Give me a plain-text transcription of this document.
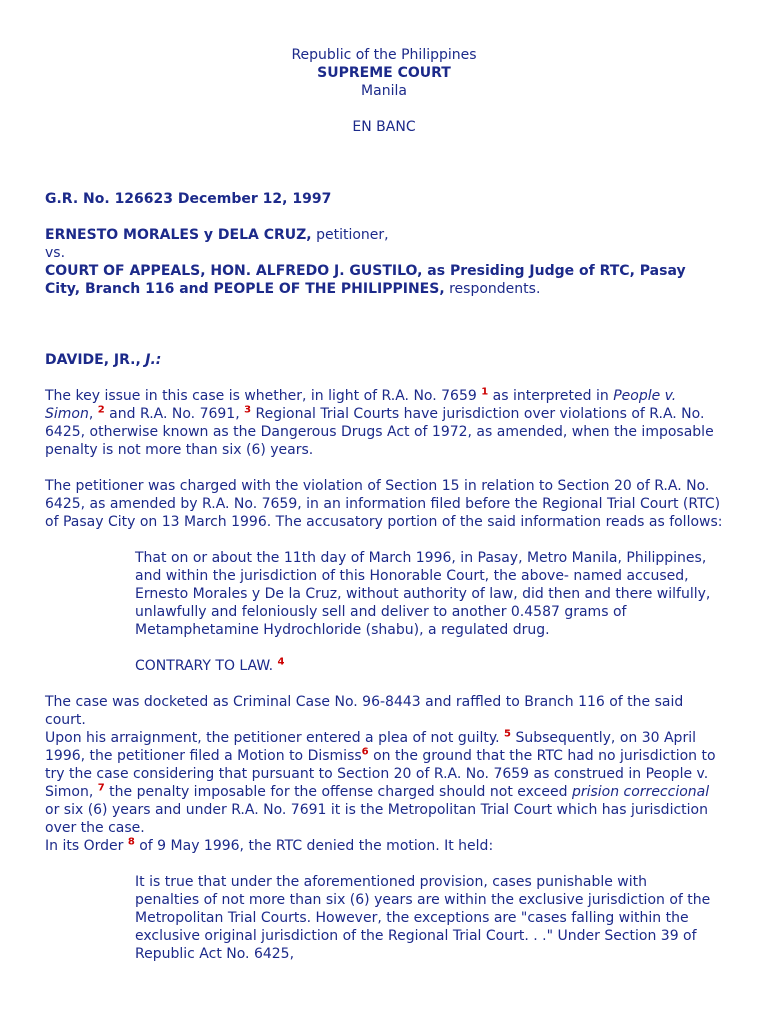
Republic of the Philippines
SUPREME COURT
Manila
EN BANC

G.R. No. 126623 December 12, 1997

ERNESTO MORALES y DELA CRUZ, petitioner,
vs.
COURT OF APPEALS, HON. ALFREDO J. GUSTILO, as Presiding Judge of RTC, Pasay City, Branch 116 and PEOPLE OF THE PHILIPPINES, respondents.

DAVIDE, JR., J.:

The key issue in this case is whether, in light of R.A. No. 7659 $^1$ as interpreted in People v. Simon, $^2$ and R.A. No. 7691, $^3$ Regional Trial Courts have jurisdiction over violations of R.A. No. 6425, otherwise known as the Dangerous Drugs Act of 1972, as amended, when the imposable penalty is not more than six (6) years.

The petitioner was charged with the violation of Section 15 in relation to Section 20 of R.A. No. 6425, as amended by R.A. No. 7659, in an information filed before the Regional Trial Court (RTC) of Pasay City on 13 March 1996. The accusatory portion of the said information reads as follows:

That on or about the 11th day of March 1996, in Pasay, Metro Manila, Philippines, and within the jurisdiction of this Honorable Court, the above- named accused, Ernesto Morales y De la Cruz, without authority of law, did then and there wilfully, unlawfully and feloniously sell and deliver to another 0.4587 grams of Metamphetamine Hydrochloride (shabu), a regulated drug.

CONTRARY TO LAW. $^4$

The case was docketed as Criminal Case No. 96-8443 and raffled to Branch 116 of the said court.

Upon his arraignment, the petitioner entered a plea of not guilty. $^5$ Subsequently, on 30 April 1996, the petitioner filed a Motion to Dismiss$^6$ on the ground that the RTC had no jurisdiction to try the case considering that pursuant to Section 20 of R.A. No. 7659 as construed in People v. Simon, $^7$ the penalty imposable for the offense charged should not exceed prision correccional or six (6) years and under R.A. No. 7691 it is the Metropolitan Trial Court which has jurisdiction over the case.

In its Order $^8$ of 9 May 1996, the RTC denied the motion. It held:

It is true that under the aforementioned provision, cases punishable with penalties of not more than six (6) years are within the exclusive jurisdiction of the Metropolitan Trial Courts. However, the exceptions are "cases falling within the exclusive original jurisdiction of the Regional Trial Court. . ." Under Section 39 of Republic Act No. 6425,
